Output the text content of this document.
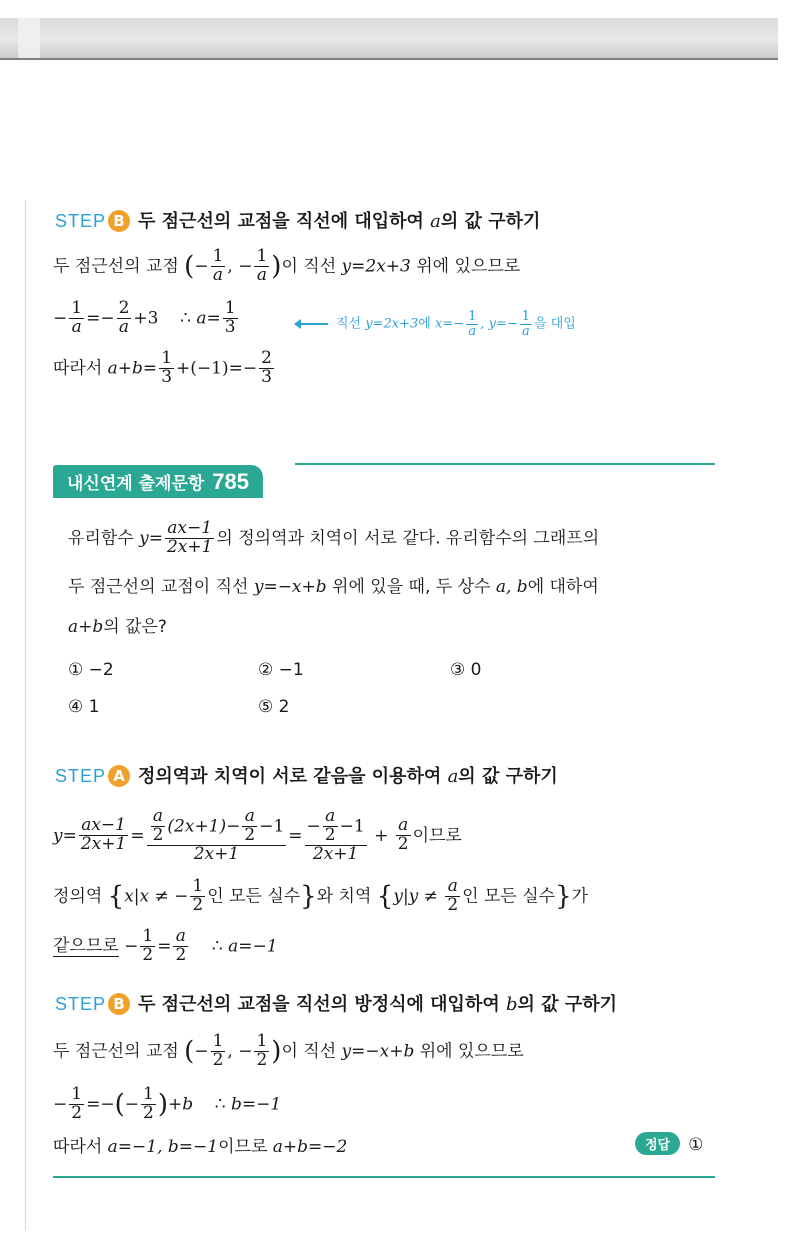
STEP B 두 점근선의 교점을 직선에 대입하여 a의 값 구하기
두 점근선의 교점 (− $\frac{1}{a}$ , − $\frac{1}{a}$ )이 직선 y=2x+3 위에 있으므로
− $\frac{1}{a} =- \frac{2}{a} +3$ ∴ $a= \frac{1}{3}$	직선 y=2x+3에 $x=- \frac{1}{a}$ , $y=- \frac{1}{a}$ 을 대입
따라서 $a+b= \frac{1}{3} +(-1)=- \frac{2}{3}$
내신연계 출제문항 785
유리함수 $y= \frac{ax-1}{2x+1}$ 의 정의역과 치역이 서로 같다. 유리함수의 그래프의
두 점근선의 교점이 직선 y=−x+b 위에 있을 때, 두 상수 a, b에 대하여
a+b의 값은?
① −2	② −1	③ 0
④ 1	⑤ 2
STEP A 정의역과 치역이 서로 같음을 이용하여 a의 값 구하기
$y= \frac{ax-1}{2x+1} = \frac{\frac{a}{2} (2x+1)- \frac{a}{2} -1}{2x+1} = \frac{- \frac{a}{2} -1}{2x+1} + \frac{a}{2}$ 이므로
정의역 {x|x ≠ − $\frac{1}{2}$ 인 모든 실수}와 치역 {$y|y \ne \frac{a}{2}$ 인 모든 실수}가
같으므로 − $\frac{1}{2} = \frac{a}{2}$ ∴ a=−1
STEP B 두 점근선의 교점을 직선의 방정식에 대입하여 b의 값 구하기
두 점근선의 교점 (− $\frac{1}{2}$ , − $\frac{1}{2}$ )이 직선 y=−x+b 위에 있으므로
− $\frac{1}{2}$ =−(− $\frac{1}{2} )+b$ ∴ b=−1
따라서 a=−1, b=−1이므로 a+b=−2	정답 ①
